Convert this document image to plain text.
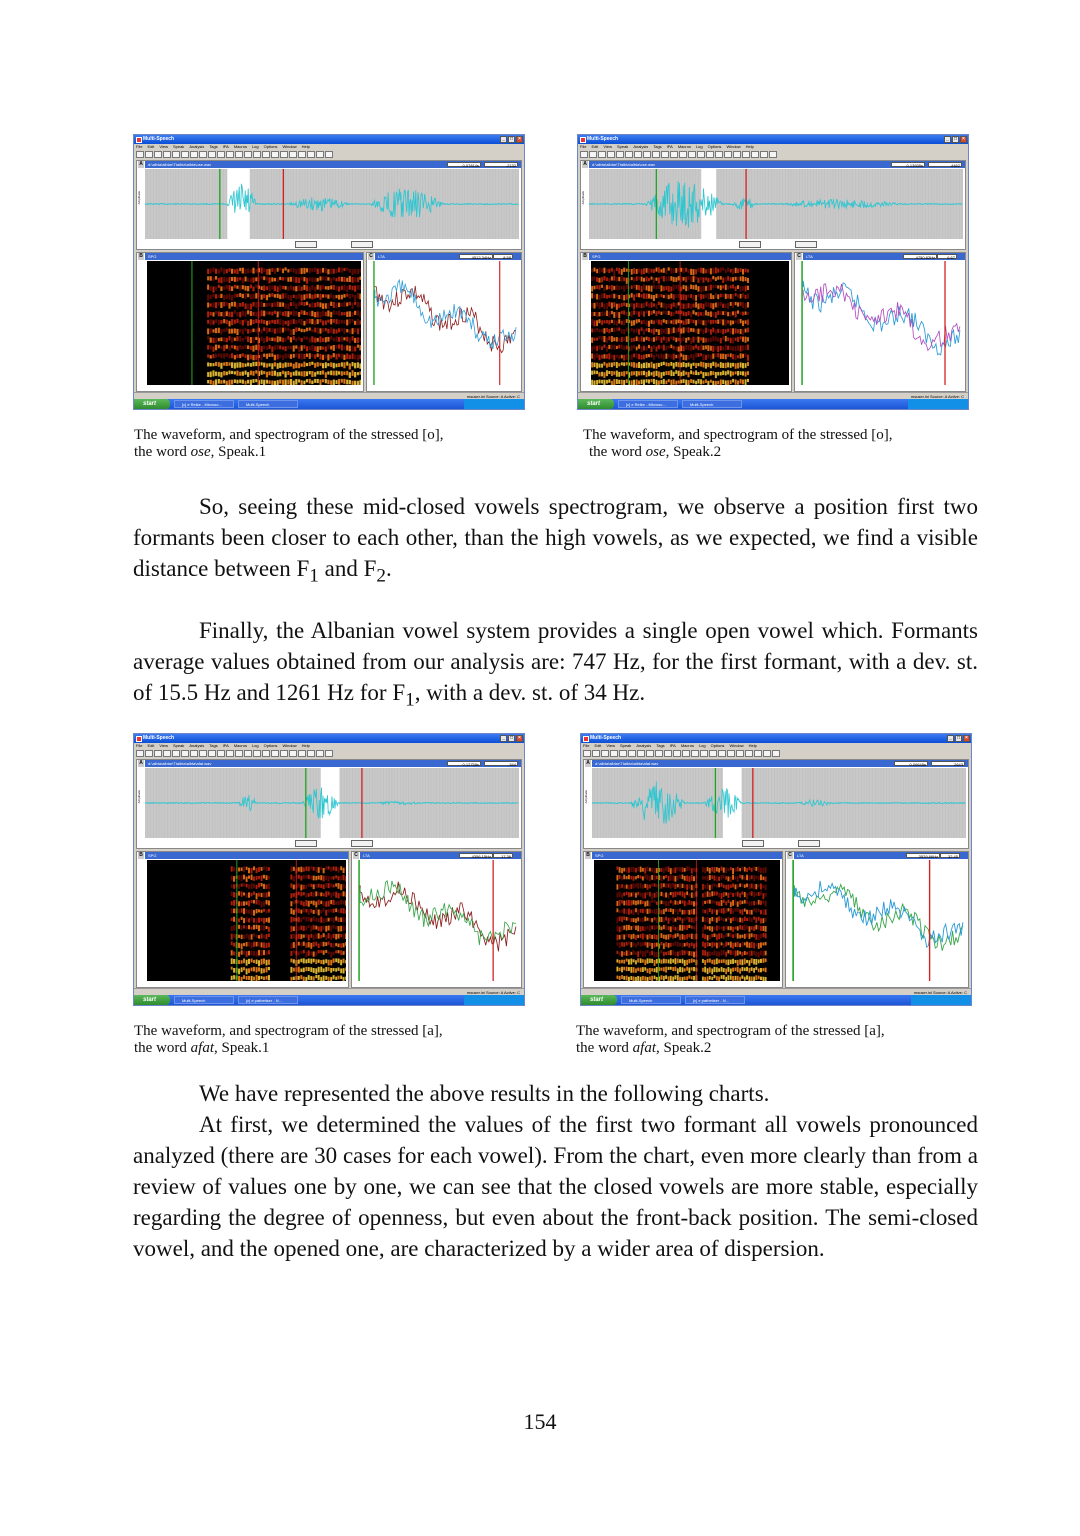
Multi-Speech	_	□	×
File Edit View Speak Analysis Tags IPA Macros Log Options Window Help
A	d:\albta\albtar\Ttalbta\albta\ose.wav	0.07814s	-2132
Amplitude
B	SPG	C	LTA	4512.34Hz	8.59
msuser.ini Source: A Active: C
start	[c] e Reike - Microso...	Multi-Speech
Multi-Speech	_	□	×
File Edit View Speak Analysis Tags IPA Macros Log Options Window Help
A	d:\albta\albtar\Ttalbta\albta\ose.wav	0.13935s	-4462
Amplitude
B	SPG	C	LTA	4750.82Hz	6.67
msuser.ini Source: A Active: C
start	[c] e Reike - Microso...	Multi-Speech
Multi-Speech	_	□	×
File Edit View Speak Analysis Tags IPA Macros Log Options Window Help
A	d:\albta\albtar\Ttalbta\albta\afat.wav	0.12758s	-344
Amplitude
B	SPG	C	LTA	4356.15Hz	17.36
msuser.ini Source: A Active: C
start	Multi-Speech	[c] e pathetiser - N...
Multi-Speech	_	□	×
File Edit View Speak Analysis Tags IPA Macros Log Options Window Help
A	d:\albta\albtar\Ttalbta\albta\afat.wav	0.09645s	2643
Amplitude
B	SPG	C	LTA	3529.86Hz	32.45
msuser.ini Source: A Active: C
start	Multi-Speech	[c] e pathetiser - N...
The waveform, and spectrogram of the stressed [o],
the word ose, Speak.1
The waveform, and spectrogram of the stressed [o],
the word ose, Speak.2
The waveform, and spectrogram of the stressed [a],
the word afat, Speak.1
The waveform, and spectrogram of the stressed [a],
the word afat, Speak.2

So, seeing these mid-closed vowels spectrogram, we observe a position first two formants been closer to each other, than the high vowels, as we expected, we find a visible distance between $F_1$ and $F_2$.

Finally, the Albanian vowel system provides a single open vowel which. Formants average values obtained from our analysis are: 747 Hz, for the first formant, with a dev. st. of 15.5 Hz and 1261 Hz for $F_1$, with a dev. st. of 34 Hz.

We have represented the above results in the following charts.

At first, we determined the values of the first two formant all vowels pronounced analyzed (there are 30 cases for each vowel). From the chart, even more clearly than from a review of values one by one, we can see that the closed vowels are more stable, especially regarding the degree of openness, but even about the front-back position. The semi-closed vowel, and the opened one, are characterized by a wider area of dispersion.

154
